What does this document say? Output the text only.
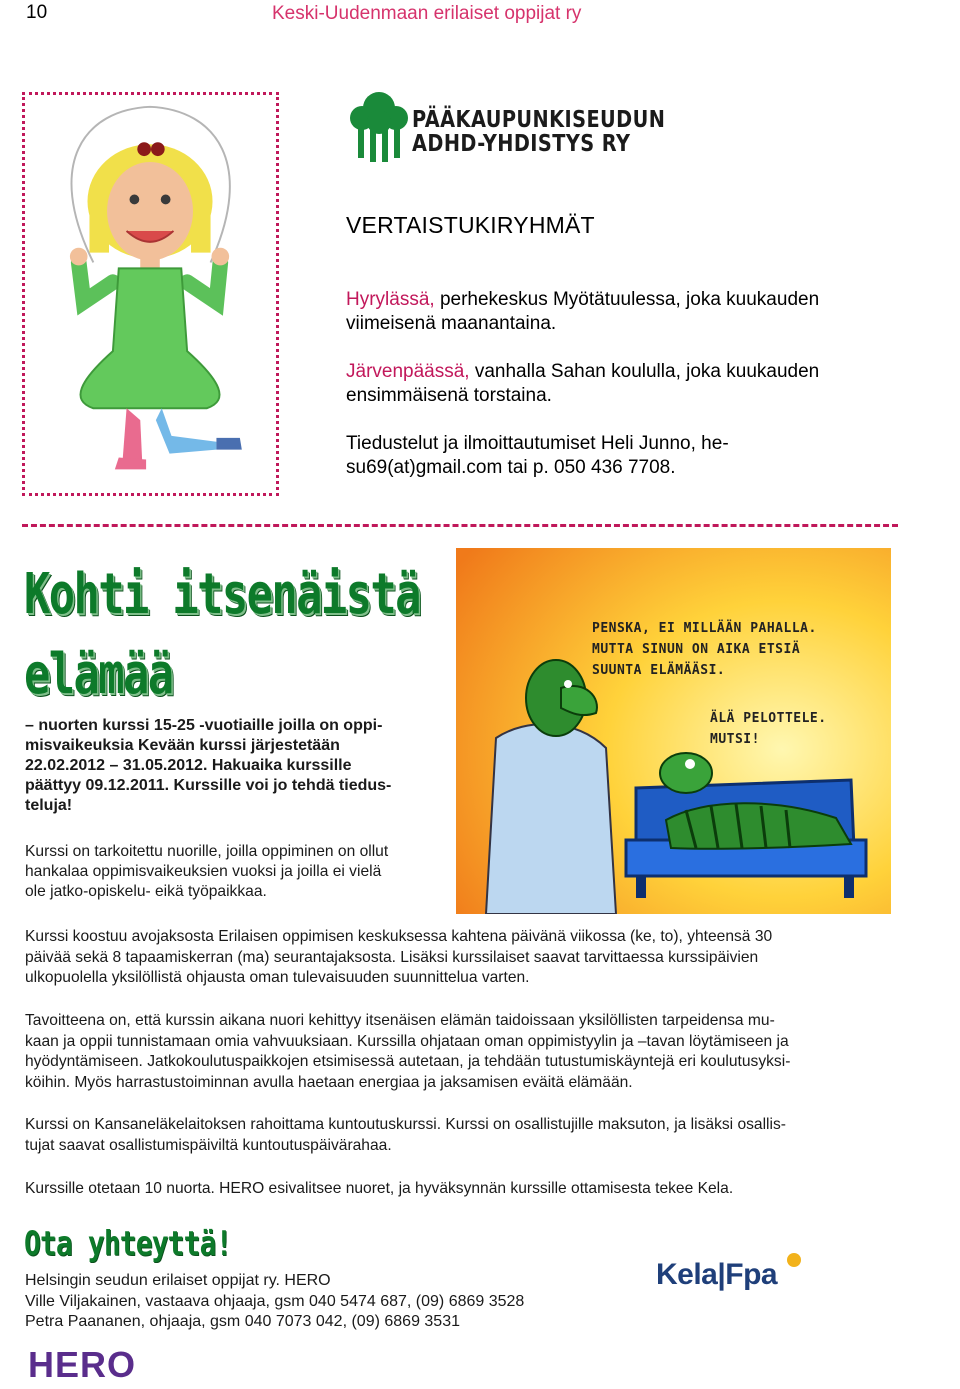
10	Keski-Uudenmaan erilaiset oppijat ry
PÄÄKAUPUNKISEUDUN
ADHD-YHDISTYS RY
VERTAISTUKIRYHMÄT
Hyrylässä, perhekeskus Myötätuulessa, joka kuukauden
viimeisenä maanantaina.
Järvenpäässä, vanhalla Sahan koululla, joka kuukauden
ensimmäisenä torstaina.
Tiedustelut ja ilmoittautumiset Heli Junno, he-
su69(at)gmail.com tai p. 050 436 7708.
Kohti itsenäistä
elämää
– nuorten kurssi 15-25 -vuotiaille joilla on oppi-
misvaikeuksia Kevään kurssi järjestetään
22.02.2012 – 31.05.2012. Hakuaika kurssille
päättyy 09.12.2011. Kurssille voi jo tehdä tiedus-
teluja!
Kurssi on tarkoitettu nuorille, joilla oppiminen on ollut
hankalaa oppimisvaikeuksien vuoksi ja joilla ei vielä
ole jatko-opiskelu- eikä työpaikkaa.
PENSKA, EI MILLÄÄN PAHALLA.
MUTTA SINUN ON AIKA ETSIÄ
SUUNTA ELÄMÄÄSI.
ÄLÄ PELOTTELE.
MUTSI!
Kurssi koostuu avojaksosta Erilaisen oppimisen keskuksessa kahtena päivänä viikossa (ke, to), yhteensä 30
päivää sekä 8 tapaamiskerran (ma) seurantajaksosta. Lisäksi kurssilaiset saavat tarvittaessa kurssipäivien
ulkopuolella yksilöllistä ohjausta oman tulevaisuuden suunnittelua varten.
Tavoitteena on, että kurssin aikana nuori kehittyy itsenäisen elämän taidoissaan yksilöllisten tarpeidensa mu-
kaan ja oppii tunnistamaan omia vahvuuksiaan. Kurssilla ohjataan oman oppimistyylin ja –tavan löytämiseen ja
hyödyntämiseen. Jatkokoulutuspaikkojen etsimisessä autetaan, ja tehdään tutustumiskäyntejä eri koulutusyksi-
köihin. Myös harrastustoiminnan avulla haetaan energiaa ja jaksamisen eväitä elämään.
Kurssi on Kansaneläkelaitoksen rahoittama kuntoutuskurssi. Kurssi on osallistujille maksuton, ja lisäksi osallis-
tujat saavat osallistumispäiviltä kuntoutuspäivärahaa.
Kurssille otetaan 10 nuorta. HERO esivalitsee nuoret, ja hyväksynnän kurssille ottamisesta tekee Kela.
Ota yhteyttä!
Helsingin seudun erilaiset oppijat ry. HERO
Ville Viljakainen, vastaava ohjaaja, gsm 040 5474 687, (09) 6869 3528
Petra Paananen, ohjaaja, gsm 040 7073 042, (09) 6869 3531
Kela|Fpa
HERO
